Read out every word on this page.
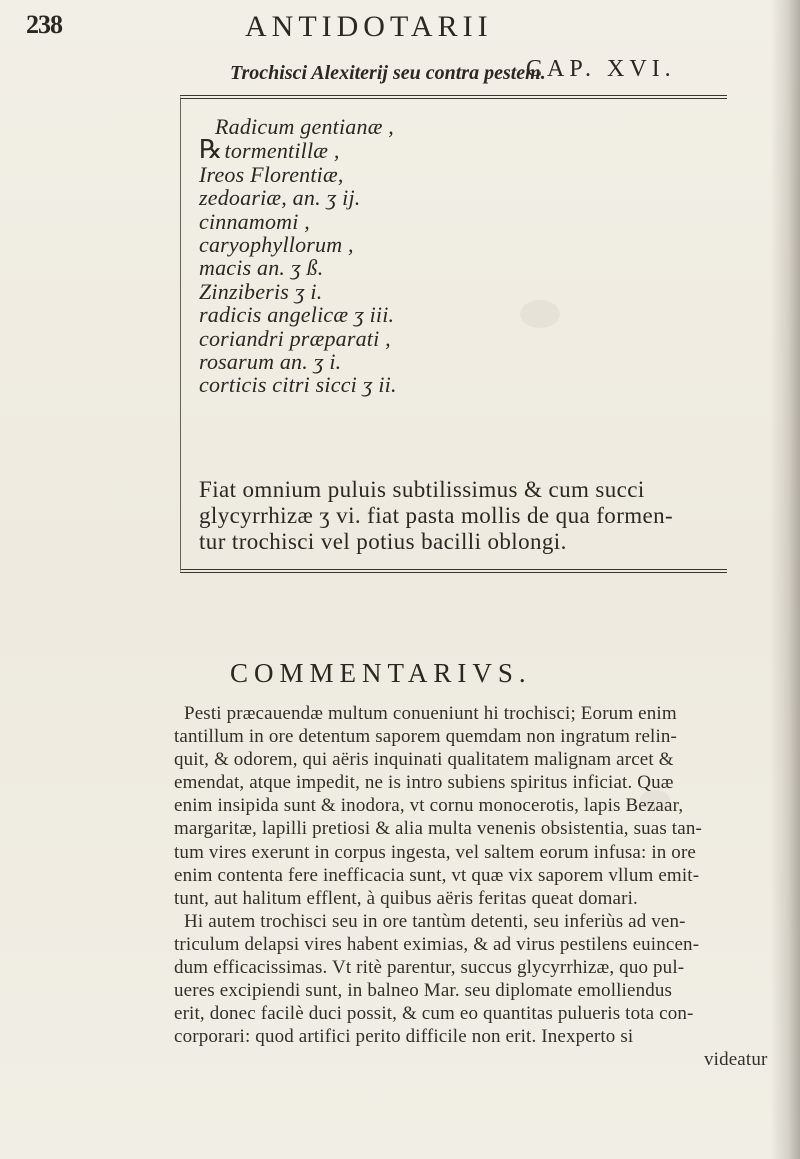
238	ANTIDOTARII
Trochisci Alexiterij seu contra pestem.
CAP. XVI.
Radicum gentianæ ,
℞tormentillæ ,
Ireos Florentiæ,
zedoariæ, an. ʒ ij.
cinnamomi ,
caryophyllorum ,
macis an. ʒ ß.
Zinziberis ʒ i.
radicis angelicæ ʒ iii.
coriandri præparati ,
rosarum an. ʒ i.
corticis citri sicci ʒ ii.
Fiat omnium puluis subtilissimus & cum succi
glycyrrhizæ ʒ vi. fiat pasta mollis de qua formen-
tur trochisci vel potius bacilli oblongi.
COMMENTARIVS.
Pesti præcauendæ multum conueniunt hi trochisci; Eorum enim
tantillum in ore detentum saporem quemdam non ingratum relin-
quit, & odorem, qui aëris inquinati qualitatem malignam arcet &
emendat, atque impedit, ne is intro subiens spiritus inficiat. Quæ
enim insipida sunt & inodora, vt cornu monocerotis, lapis Bezaar,
margaritæ, lapilli pretiosi & alia multa venenis obsistentia, suas tan-
tum vires exerunt in corpus ingesta, vel saltem eorum infusa: in ore
enim contenta fere inefficacia sunt, vt quæ vix saporem vllum emit-
tunt, aut halitum efflent, à quibus aëris feritas queat domari.
Hi autem trochisci seu in ore tantùm detenti, seu inferiùs ad ven-
triculum delapsi vires habent eximias, & ad virus pestilens euincen-
dum efficacissimas. Vt ritè parentur, succus glycyrrhizæ, quo pul-
ueres excipiendi sunt, in balneo Mar. seu diplomate emolliendus
erit, donec facilè duci possit, & cum eo quantitas pulueris tota con-
corporari: quod artifici perito difficile non erit. Inexperto si
videatur
